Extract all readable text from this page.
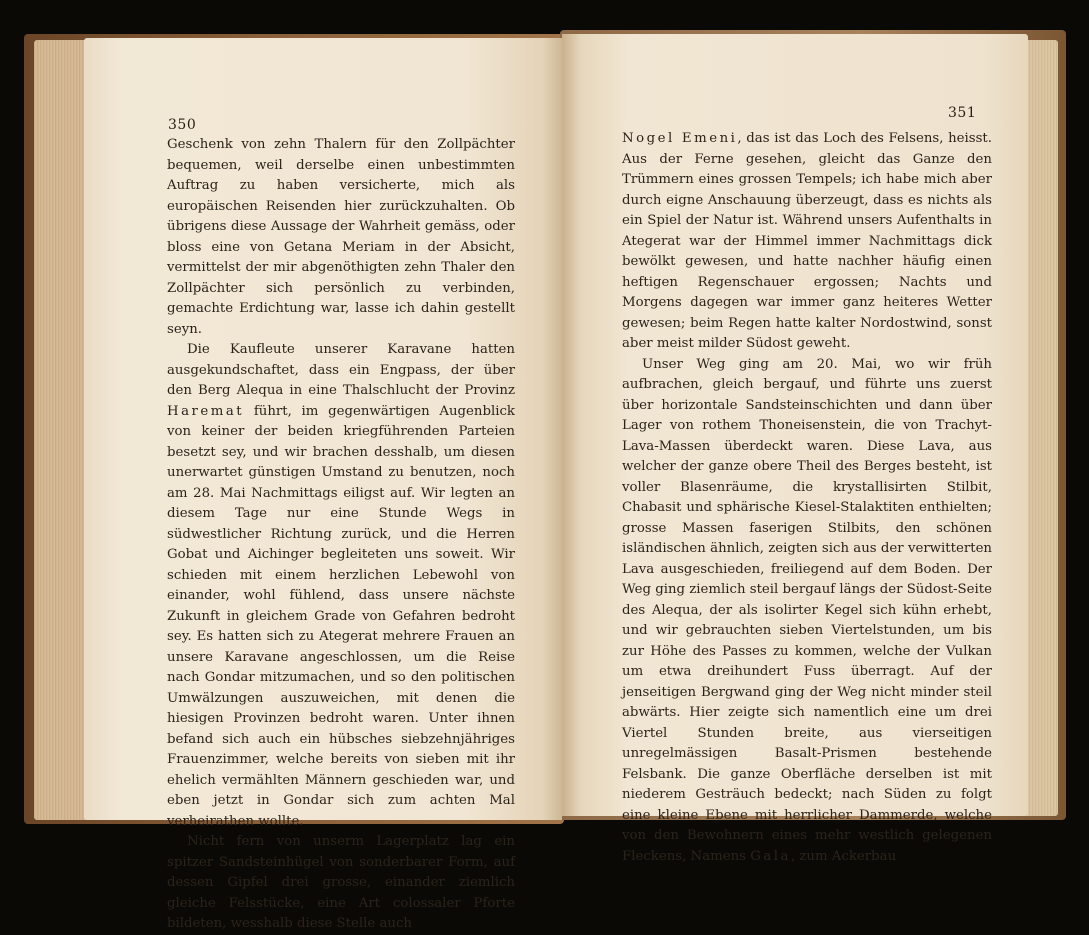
350

Geschenk von zehn Thalern für den Zollpächter bequemen, weil derselbe einen unbestimmten Auftrag zu haben versicherte, mich als europäischen Reisenden hier zurückzuhalten. Ob übrigens diese Aussage der Wahrheit gemäss, oder bloss eine von Getana Meriam in der Absicht, vermittelst der mir abgenöthigten zehn Thaler den Zollpächter sich persönlich zu verbinden, gemachte Erdichtung war, lasse ich dahin gestellt seyn.

Die Kaufleute unserer Karavane hatten ausgekundschaftet, dass ein Engpass, der über den Berg Alequa in eine Thalschlucht der Provinz Haremat führt, im gegenwärtigen Augenblick von keiner der beiden kriegführenden Parteien besetzt sey, und wir brachen desshalb, um diesen unerwartet günstigen Umstand zu benutzen, noch am 28. Mai Nachmittags eiligst auf. Wir legten an diesem Tage nur eine Stunde Wegs in südwestlicher Richtung zurück, und die Herren Gobat und Aichinger begleiteten uns soweit. Wir schieden mit einem herzlichen Lebewohl von einander, wohl fühlend, dass unsere nächste Zukunft in gleichem Grade von Gefahren bedroht sey. Es hatten sich zu Ategerat mehrere Frauen an unsere Karavane angeschlossen, um die Reise nach Gondar mitzumachen, und so den politischen Umwälzungen auszuweichen, mit denen die hiesigen Provinzen bedroht waren. Unter ihnen befand sich auch ein hübsches siebzehnjähriges Frauenzimmer, welche bereits von sieben mit ihr ehelich vermählten Männern geschieden war, und eben jetzt in Gondar sich zum achten Mal verheirathen wollte.

Nicht fern von unserm Lagerplatz lag ein spitzer Sandsteinhügel von sonderbarer Form, auf dessen Gipfel drei grosse, einander ziemlich gleiche Felsstücke, eine Art colossaler Pforte bildeten, wesshalb diese Stelle auch

351

Nogel Emeni, das ist das Loch des Felsens, heisst. Aus der Ferne gesehen, gleicht das Ganze den Trümmern eines grossen Tempels; ich habe mich aber durch eigne Anschauung überzeugt, dass es nichts als ein Spiel der Natur ist. Während unsers Aufenthalts in Ategerat war der Himmel immer Nachmittags dick bewölkt gewesen, und hatte nachher häufig einen heftigen Regenschauer ergossen; Nachts und Morgens dagegen war immer ganz heiteres Wetter gewesen; beim Regen hatte kalter Nordostwind, sonst aber meist milder Südost geweht.

Unser Weg ging am 20. Mai, wo wir früh aufbrachen, gleich bergauf, und führte uns zuerst über horizontale Sandsteinschichten und dann über Lager von rothem Thoneisenstein, die von Trachyt-Lava-Massen überdeckt waren. Diese Lava, aus welcher der ganze obere Theil des Berges besteht, ist voller Blasenräume, die krystallisirten Stilbit, Chabasit und sphärische Kiesel-Stalaktiten enthielten; grosse Massen faserigen Stilbits, den schönen isländischen ähnlich, zeigten sich aus der verwitterten Lava ausgeschieden, freiliegend auf dem Boden. Der Weg ging ziemlich steil bergauf längs der Südost-Seite des Alequa, der als isolirter Kegel sich kühn erhebt, und wir gebrauchten sieben Viertelstunden, um bis zur Höhe des Passes zu kommen, welche der Vulkan um etwa dreihundert Fuss überragt. Auf der jenseitigen Bergwand ging der Weg nicht minder steil abwärts. Hier zeigte sich namentlich eine um drei Viertel Stunden breite, aus vierseitigen unregelmässigen Basalt-Prismen bestehende Felsbank. Die ganze Oberfläche derselben ist mit niederem Gesträuch bedeckt; nach Süden zu folgt eine kleine Ebene mit herrlicher Dammerde, welche von den Bewohnern eines mehr westlich gelegenen Fleckens, Namens Gala, zum Ackerbau
